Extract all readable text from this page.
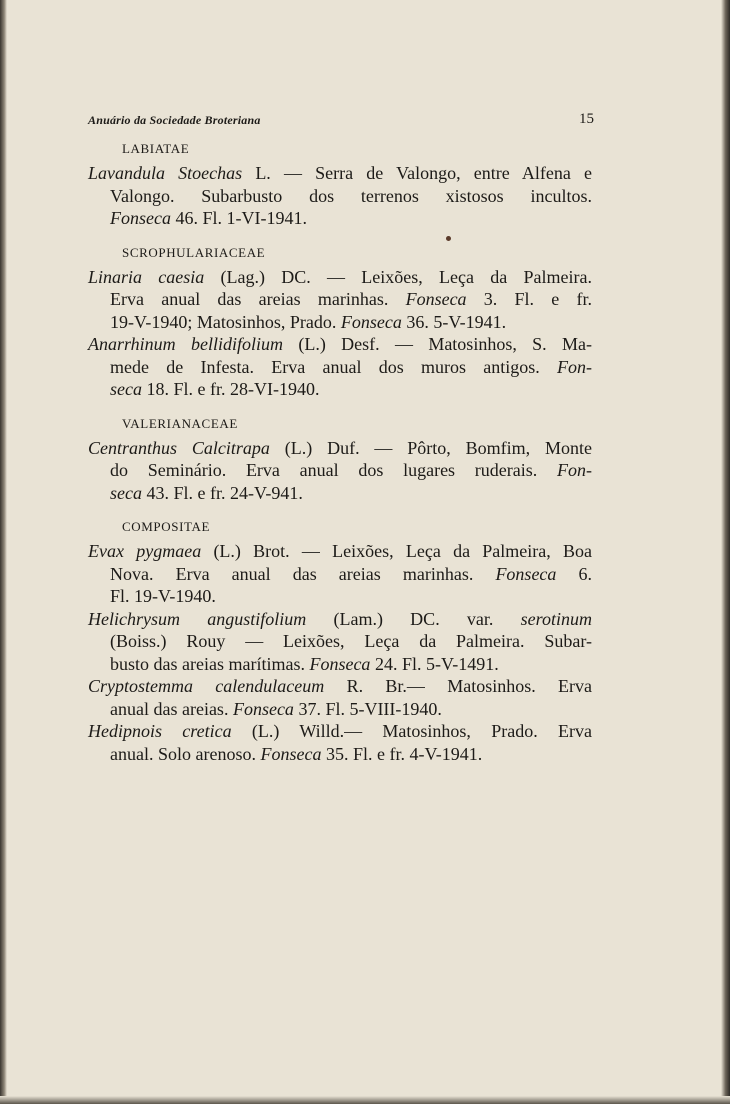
Anuário da Sociedade Broteriana	15
LABIATAE

Lavandula Stoechas L. — Serra de Valongo, entre Alfena e
Valongo. Subarbusto dos terrenos xistosos incultos.
Fonseca 46. Fl. 1-VI-1941.

SCROPHULARIACEAE

Linaria caesia (Lag.) DC. — Leixões, Leça da Palmeira.
Erva anual das areias marinhas. Fonseca 3. Fl. e fr.
19-V-1940; Matosinhos, Prado. Fonseca 36. 5-V-1941.

Anarrhinum bellidifolium (L.) Desf. — Matosinhos, S. Ma-
mede de Infesta. Erva anual dos muros antigos. Fon-
seca 18. Fl. e fr. 28-VI-1940.

VALERIANACEAE

Centranthus Calcitrapa (L.) Duf. — Pôrto, Bomfim, Monte
do Seminário. Erva anual dos lugares ruderais. Fon-
seca 43. Fl. e fr. 24-V-941.

COMPOSITAE

Evax pygmaea (L.) Brot. — Leixões, Leça da Palmeira, Boa
Nova. Erva anual das areias marinhas. Fonseca 6.
Fl. 19-V-1940.

Helichrysum angustifolium (Lam.) DC. var. serotinum
(Boiss.) Rouy — Leixões, Leça da Palmeira. Subar-
busto das areias marítimas. Fonseca 24. Fl. 5-V-1491.

Cryptostemma calendulaceum R. Br.— Matosinhos. Erva
anual das areias. Fonseca 37. Fl. 5-VIII-1940.

Hedipnois cretica (L.) Willd.— Matosinhos, Prado. Erva
anual. Solo arenoso. Fonseca 35. Fl. e fr. 4-V-1941.
